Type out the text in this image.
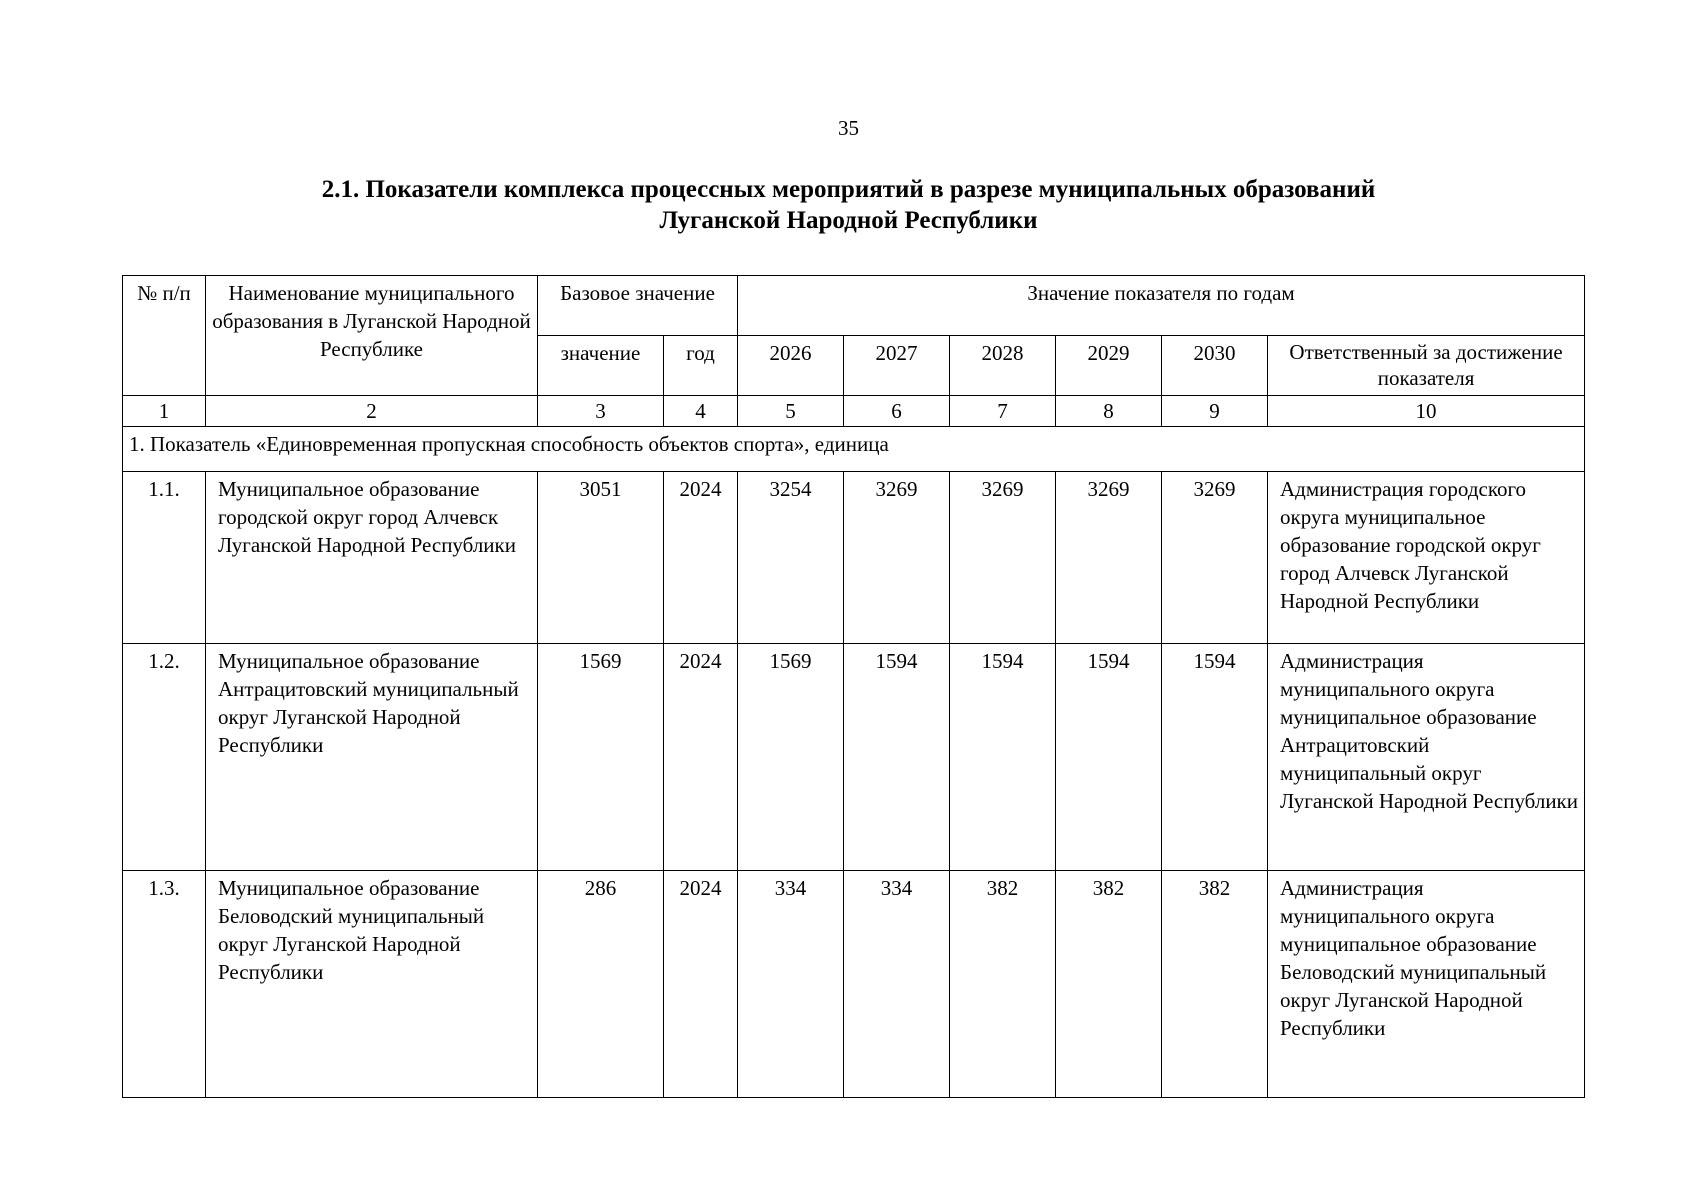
35
2.1. Показатели комплекса процессных мероприятий в разрезе муниципальных образований
Луганской Народной Республики
№ п/п	Наименование муниципального образования в Луганской Народной Республике	Базовое значение		Значение показателя по годам					
		значение	год	2026	2027	2028	2029	2030	Ответственный за достижение показателя
1	2	3	4	5	6	7	8	9	10
1. Показатель «Единовременная пропускная способность объектов спорта», единица									
1.1.	Муниципальное образование городской округ город Алчевск Луганской Народной Республики	3051	2024	3254	3269	3269	3269	3269	Администрация городского округа муниципальное образование городской округ город Алчевск Луганской Народной Республики
1.2.	Муниципальное образование Антрацитовский муниципальный округ Луганской Народной Республики	1569	2024	1569	1594	1594	1594	1594	Администрация муниципального округа муниципальное образование Антрацитовский муниципальный округ Луганской Народной Республики
1.3.	Муниципальное образование Беловодский муниципальный округ Луганской Народной Республики	286	2024	334	334	382	382	382	Администрация муниципального округа муниципальное образование Беловодский муниципальный округ Луганской Народной Республики
